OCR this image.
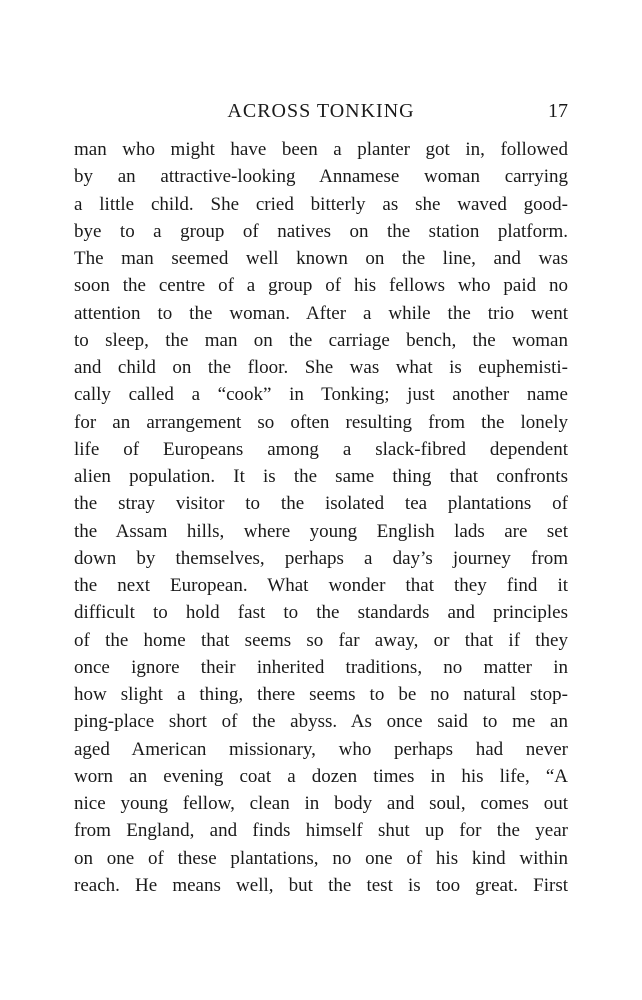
ACROSS TONKING	17
man who might have been a planter got in, followed
by an attractive-looking Annamese woman carrying
a little child. She cried bitterly as she waved good-
bye to a group of natives on the station platform.
The man seemed well known on the line, and was
soon the centre of a group of his fellows who paid no
attention to the woman. After a while the trio went
to sleep, the man on the carriage bench, the woman
and child on the floor. She was what is euphemisti-
cally called a “cook” in Tonking; just another name
for an arrangement so often resulting from the lonely
life of Europeans among a slack-fibred dependent
alien population. It is the same thing that confronts
the stray visitor to the isolated tea plantations of
the Assam hills, where young English lads are set
down by themselves, perhaps a day’s journey from
the next European. What wonder that they find it
difficult to hold fast to the standards and principles
of the home that seems so far away, or that if they
once ignore their inherited traditions, no matter in
how slight a thing, there seems to be no natural stop-
ping-place short of the abyss. As once said to me an
aged American missionary, who perhaps had never
worn an evening coat a dozen times in his life, “A
nice young fellow, clean in body and soul, comes out
from England, and finds himself shut up for the year
on one of these plantations, no one of his kind within
reach. He means well, but the test is too great. First
